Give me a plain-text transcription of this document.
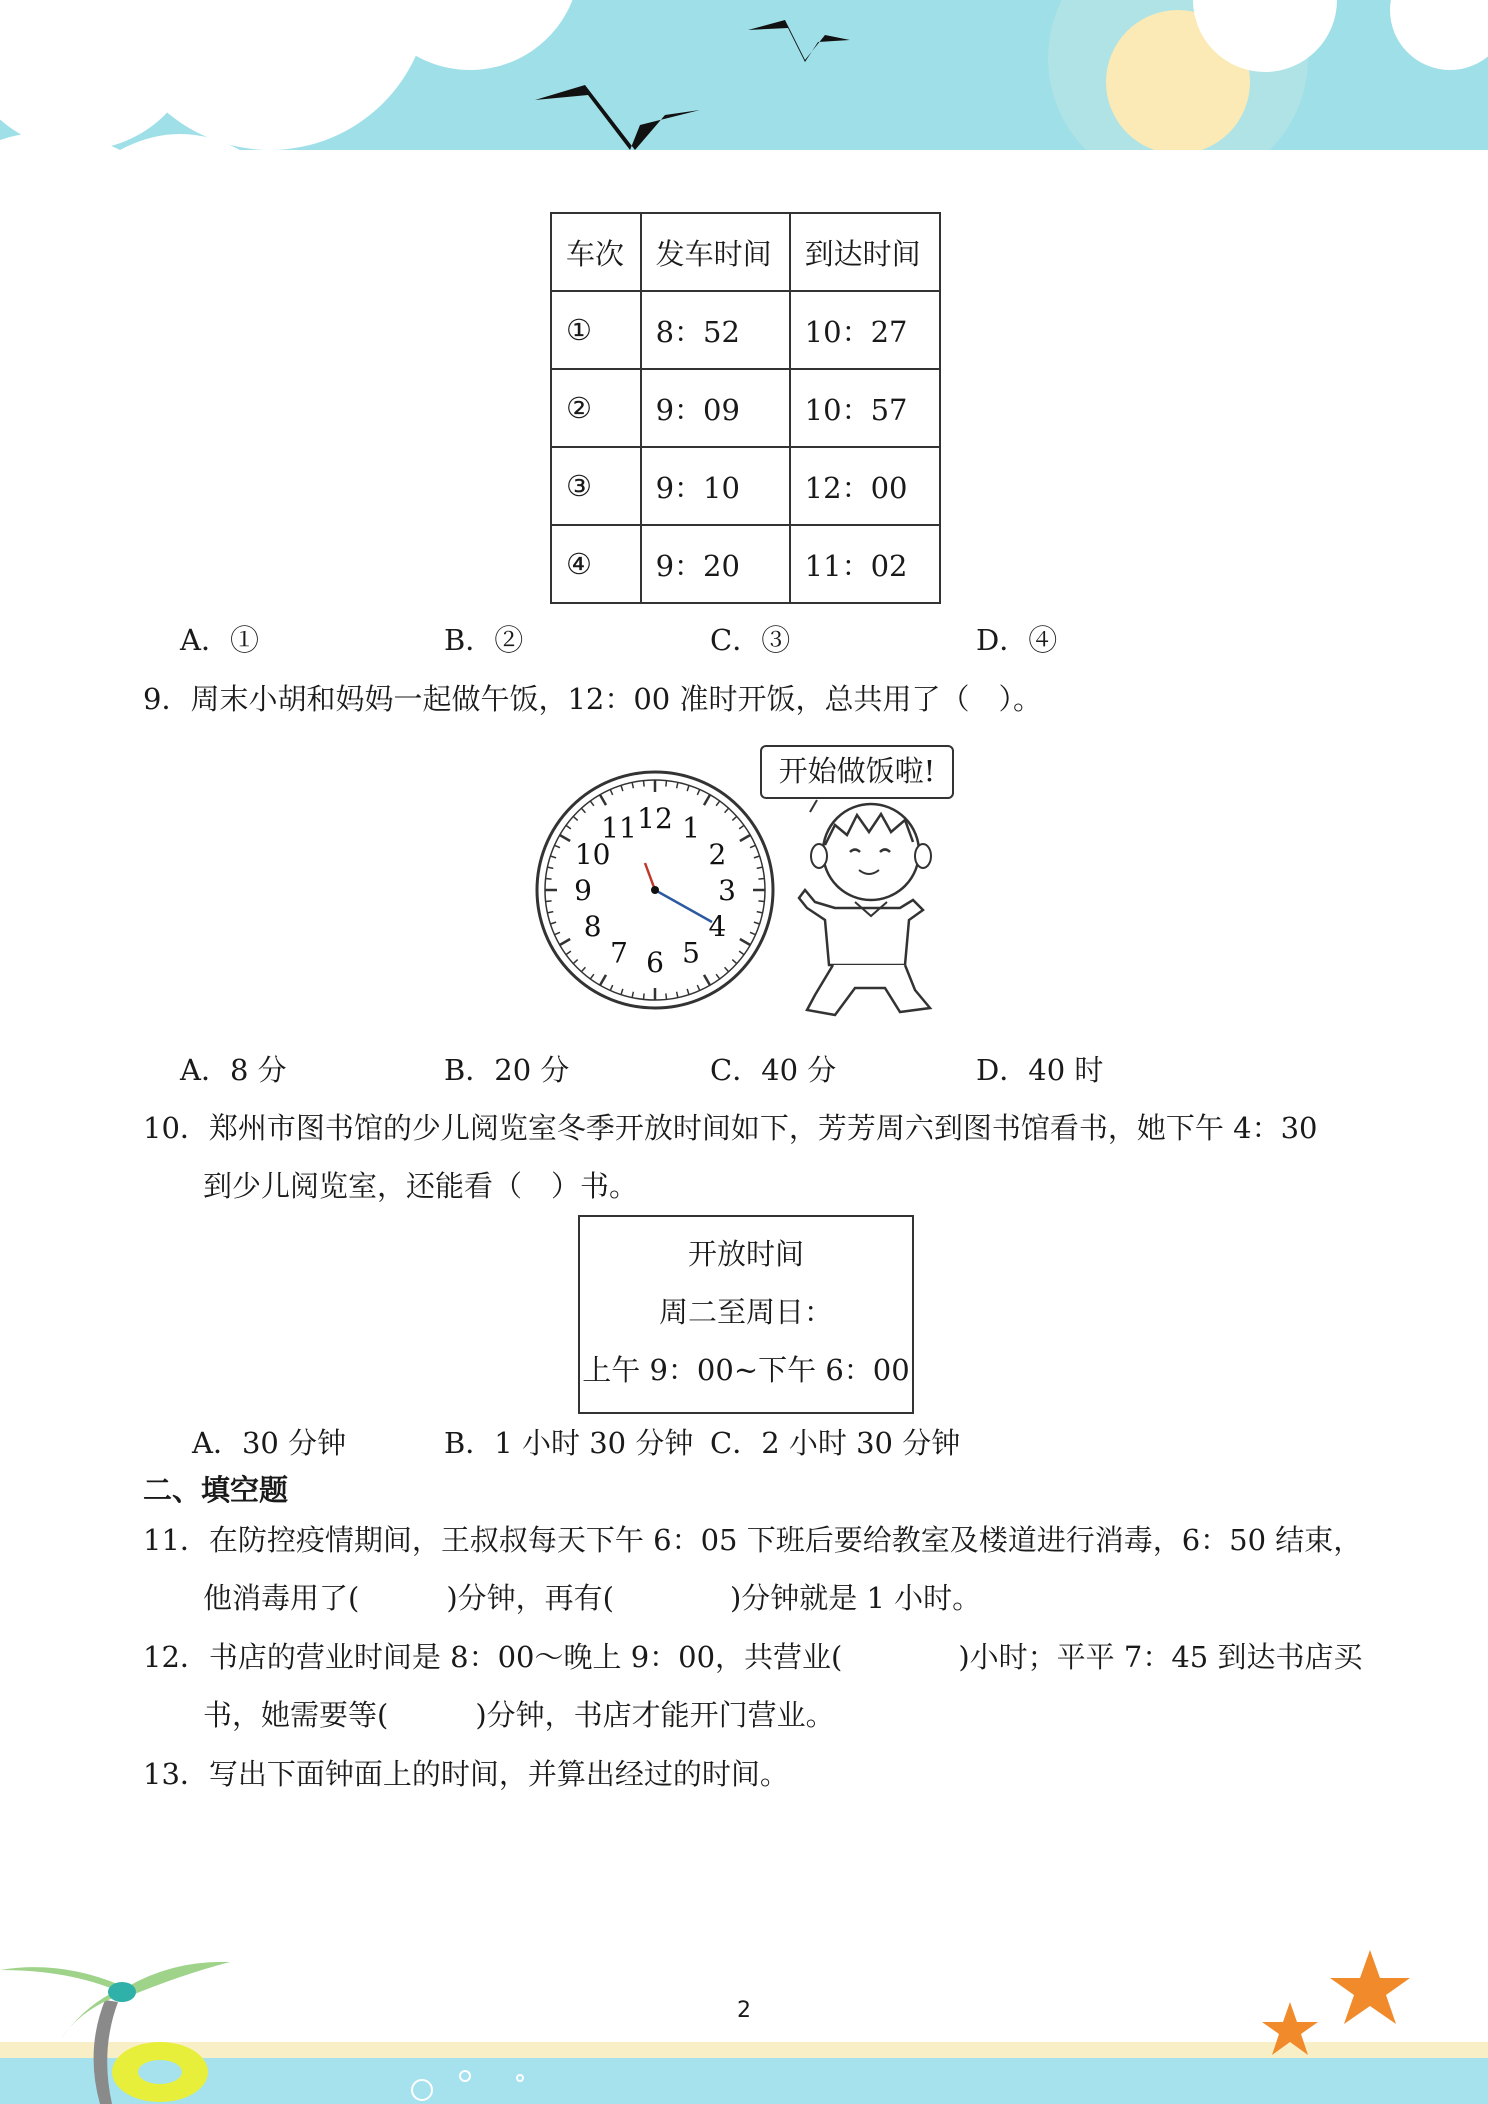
车次	发车时间	到达时间
①	8：52	10：27
②	9：09	10：57
③	9：10	12：00
④	9：20	11：02
A．①	B．②	C．③	D．④
9．周末小胡和妈妈一起做午饭，12：00 准时开饭，总共用了（　）。
12 1
2
3
4
5
6
7
8
9
10
11
开始做饭啦!
A．8 分	B．20 分	C．40 分	D．40 时
10．郑州市图书馆的少儿阅览室冬季开放时间如下，芳芳周六到图书馆看书，她下午 4：30
到少儿阅览室，还能看（　）书。
开放时间
周二至周日：
上午 9：00~下午 6：00
A．30 分钟	B．1 小时 30 分钟 C．2 小时 30 分钟
二、填空题
11．在防控疫情期间，王叔叔每天下午 6：05 下班后要给教室及楼道进行消毒，6：50 结束，
他消毒用了(　　　)分钟，再有(　　　　)分钟就是 1 小时。
12．书店的营业时间是 8：00～晚上 9：00，共营业(　　　　)小时；平平 7：45 到达书店买
书，她需要等(　　　)分钟，书店才能开门营业。
13．写出下面钟面上的时间，并算出经过的时间。
2
